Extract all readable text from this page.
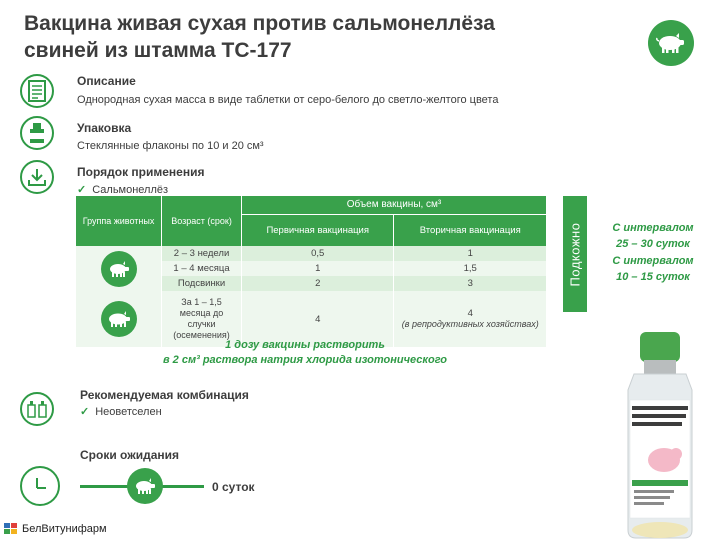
Вакцина живая сухая против сальмонеллёза
свиней из штамма ТС-177
Описание
Однородная сухая масса в виде таблетки от серо-белого до светло-желтого цвета
Упаковка
Стеклянные флаконы по 10 и 20 см³
Порядок применения
✓ Сальмонеллёз
Группа животных	Возраст (срок)	Объем вакцины, см³	
		Первичная вакцинация	Вторичная вакцинация

	2 – 3 недели	0,5	1
	1 – 4 месяца	1	1,5
	Подсвинки	2	3

	За 1 – 1,5 месяца до случки (осеменения)	4	4
(в репродуктивных хозяйствах)
Подкожно	С интервалом
25 – 30 суток
С интервалом
10 – 15 суток
1 дозу вакцины растворить
в 2 см³ раствора натрия хлорида изотонического
Рекомендуемая комбинация
✓ Неоветселен
Сроки ожидания
0 суток
БелВитунифарм
